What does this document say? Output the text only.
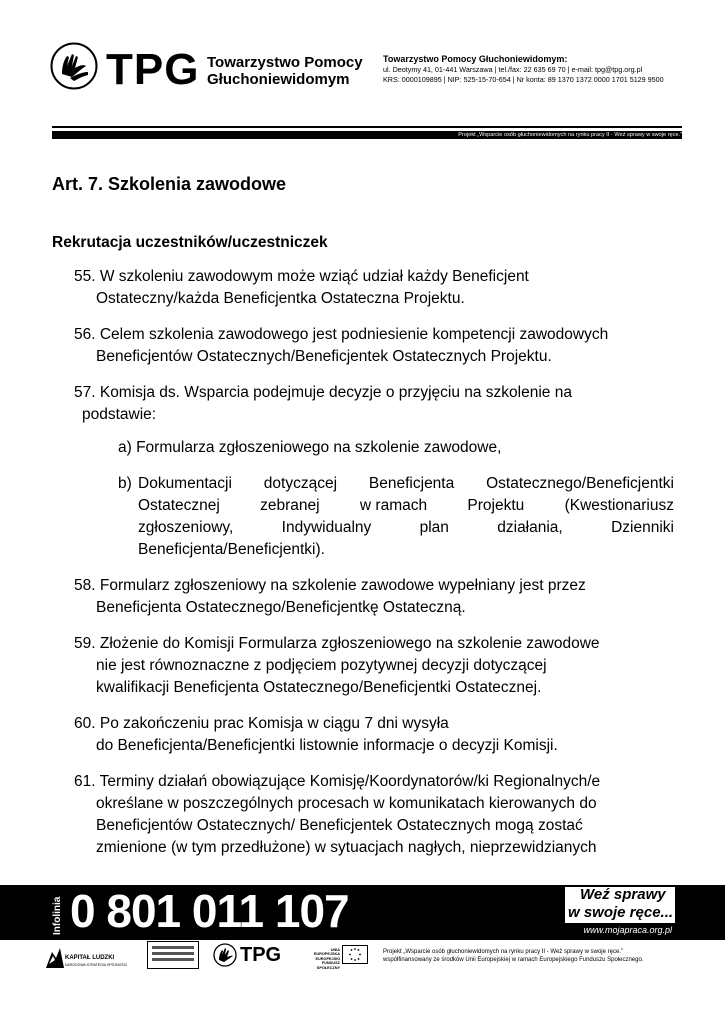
TPG Towarzystwo Pomocy
Głuchoniewidomym
Towarzystwo Pomocy Głuchoniewidomym:
ul. Deotymy 41, 01-441 Warszawa | tel./fax: 22 635 69 70 | e-mail: tpg@tpg.org.pl
KRS: 0000109895 | NIP: 525-15-70-654 | Nr konta: 89 1370 1372 0000 1701 5129 9500
Projekt „Wsparcie osób głuchoniewidomych na rynku pracy II - Weź sprawy w swoje ręce.”
Art. 7. Szkolenia zawodowe
Rekrutacja uczestników/uczestniczek
55. W szkoleniu zawodowym może wziąć udział każdy Beneficjent
Ostateczny/każda Beneficjentka Ostateczna Projektu.
56. Celem szkolenia zawodowego jest podniesienie kompetencji zawodowych
Beneficjentów Ostatecznych/Beneficjentek Ostatecznych Projektu.
57. Komisja ds. Wsparcia podejmuje decyzje o przyjęciu na szkolenie na
podstawie:
a) Formularza zgłoszeniowego na szkolenie zawodowe,
b) Dokumentacji dotyczącej Beneficjenta Ostatecznego/Beneficjentki
Ostatecznej	zebranej	w ramach	Projektu	(Kwestionariusz
zgłoszeniowy,	Indywidualny	plan	działania,	Dzienniki
Beneficjenta/Beneficjentki).
58. Formularz zgłoszeniowy na szkolenie zawodowe wypełniany jest przez
Beneficjenta Ostatecznego/Beneficjentkę Ostateczną.
59. Złożenie do Komisji Formularza zgłoszeniowego na szkolenie zawodowe
nie jest równoznaczne z podjęciem pozytywnej decyzji dotyczącej
kwalifikacji Beneficjenta Ostatecznego/Beneficjentki Ostatecznej.
60. Po zakończeniu prac Komisja w ciągu 7 dni wysyła
do Beneficjenta/Beneficjentki listownie informacje o decyzji Komisji.
61. Terminy działań obowiązujące Komisję/Koordynatorów/ki Regionalnych/e
określane w poszczególnych procesach w komunikatach kierowanych do
Beneficjentów Ostatecznych/ Beneficjentek Ostatecznych mogą zostać
zmienione (w tym przedłużone) w sytuacjach nagłych, nieprzewidzianych
Infolinia 0 801 011 107	Weź sprawy
w swoje ręce...
www.mojapraca.org.pl
KAPITAŁ LUDZKI
NARODOWA STRATEGIA SPÓJNOŚCI	TPG	UNIA EUROPEJSKA EUROPEJSKI FUNDUSZ SPOŁECZNY
Projekt „Wsparcie osób głuchoniewidomych na rynku pracy II - Weź sprawy w swoje ręce.”
współfinansowany ze środków Unii Europejskiej w ramach Europejskiego Funduszu Społecznego.
